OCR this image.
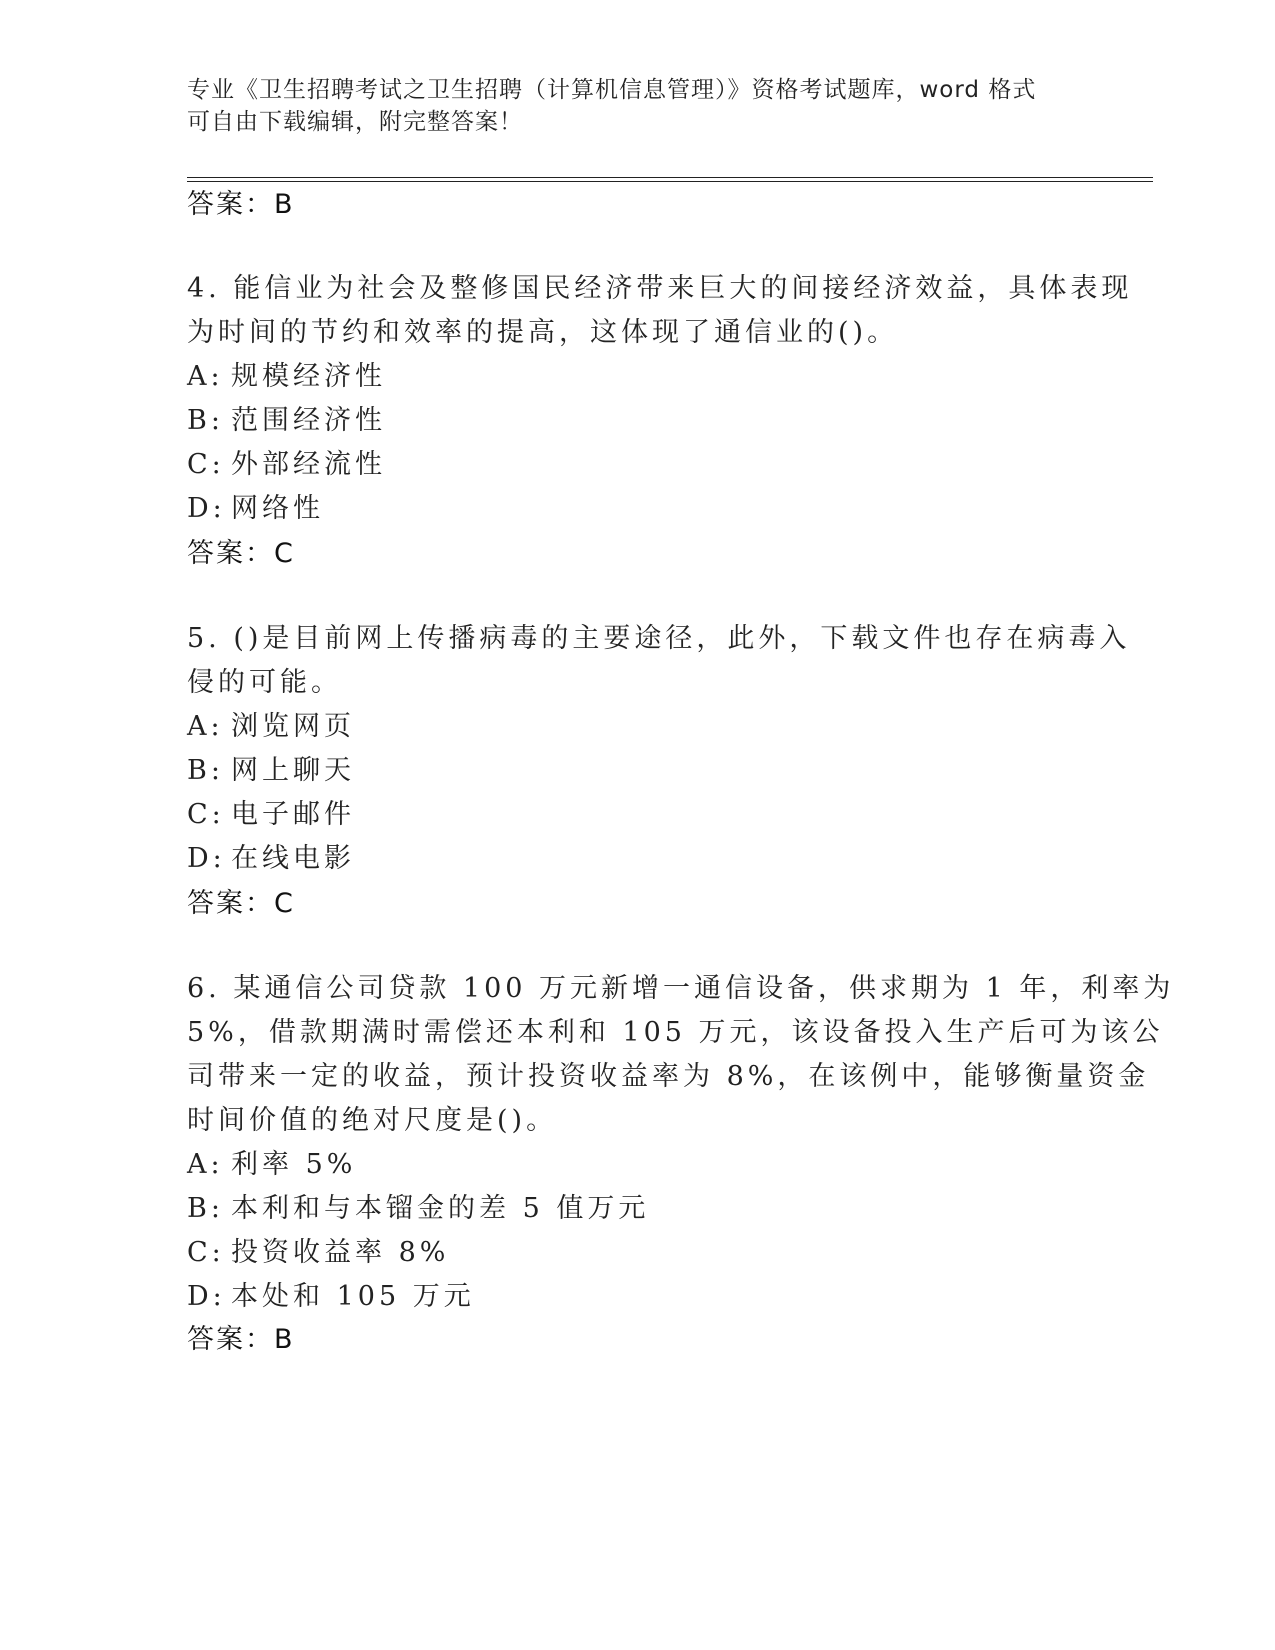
专业《卫生招聘考试之卫生招聘（计算机信息管理）》资格考试题库，word 格式
可自由下载编辑，附完整答案！
答案：B
4. 能信业为社会及整修国民经济带来巨大的间接经济效益，具体表现
为时间的节约和效率的提高，这体现了通信业的()。
A: 规模经济性
B: 范围经济性
C: 外部经流性
D: 网络性
答案：C
5. ()是目前网上传播病毒的主要途径，此外，下载文件也存在病毒入
侵的可能。
A: 浏览网页
B: 网上聊天
C: 电子邮件
D: 在线电影
答案：C
6. 某通信公司贷款 100 万元新增一通信设备，供求期为 1 年，利率为
5%，借款期满时需偿还本利和 105 万元，该设备投入生产后可为该公
司带来一定的收益，预计投资收益率为 8%，在该例中，能够衡量资金
时间价值的绝对尺度是()。
A: 利率 5%
B: 本利和与本镏金的差 5 值万元
C: 投资收益率 8%
D: 本处和 105 万元
答案：B
